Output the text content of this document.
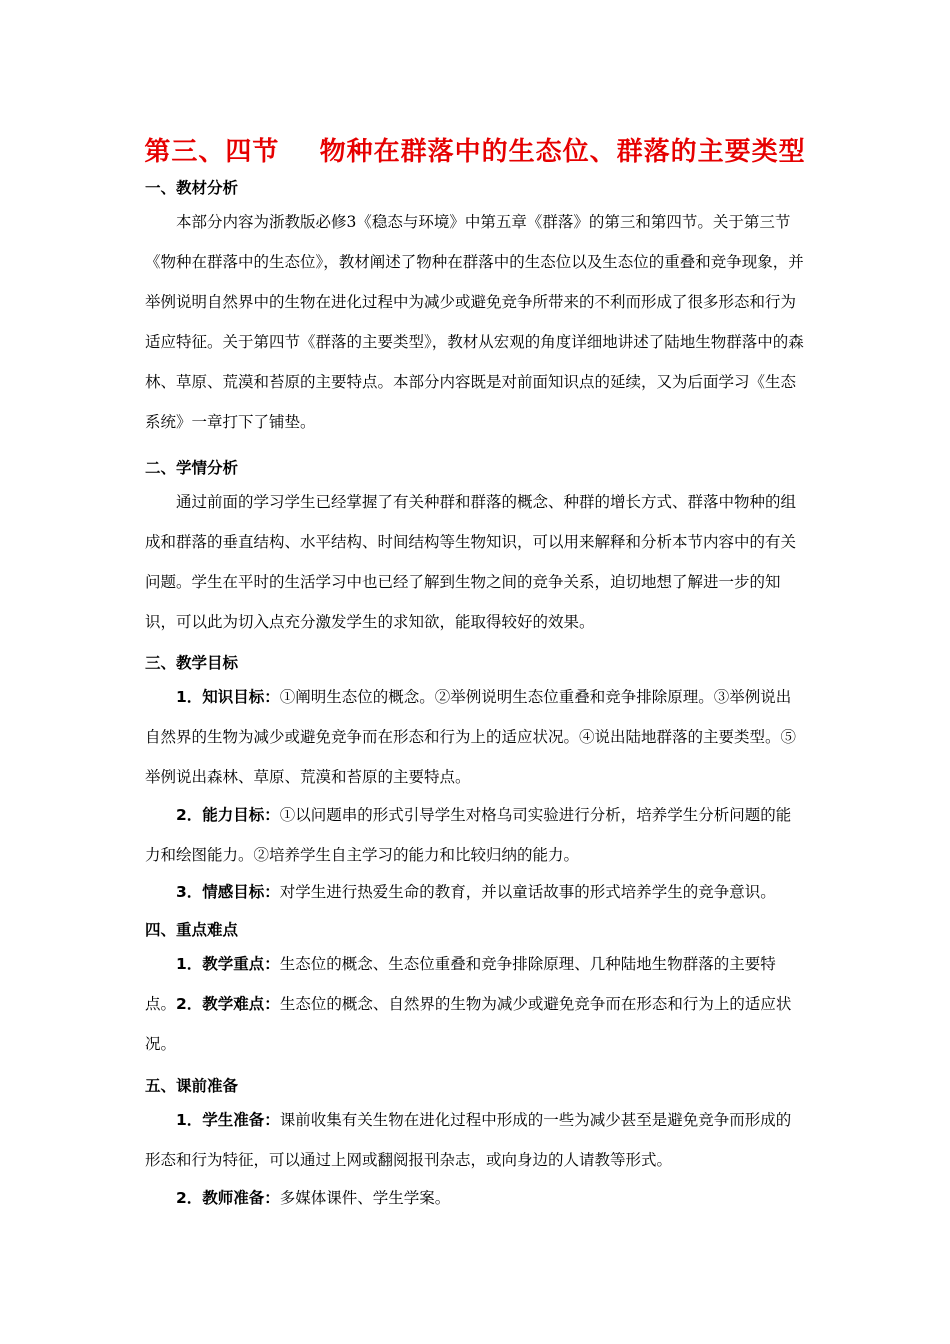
第三、四节    物种在群落中的生态位、群落的主要类型
一、教材分析
本部分内容为浙教版必修3《稳态与环境》中第五章《群落》的第三和第四节。关于第三节《物种在群落中的生态位》，教材阐述了物种在群落中的生态位以及生态位的重叠和竞争现象，并举例说明自然界中的生物在进化过程中为减少或避免竞争所带来的不利而形成了很多形态和行为适应特征。关于第四节《群落的主要类型》，教材从宏观的角度详细地讲述了陆地生物群落中的森林、草原、荒漠和苔原的主要特点。本部分内容既是对前面知识点的延续，又为后面学习《生态系统》一章打下了铺垫。
二、学情分析
通过前面的学习学生已经掌握了有关种群和群落的概念、种群的增长方式、群落中物种的组成和群落的垂直结构、水平结构、时间结构等生物知识，可以用来解释和分析本节内容中的有关问题。学生在平时的生活学习中也已经了解到生物之间的竞争关系，迫切地想了解进一步的知识，可以此为切入点充分激发学生的求知欲，能取得较好的效果。
三、教学目标
1．知识目标：①阐明生态位的概念。②举例说明生态位重叠和竞争排除原理。③举例说出自然界的生物为减少或避免竞争而在形态和行为上的适应状况。④说出陆地群落的主要类型。⑤举例说出森林、草原、荒漠和苔原的主要特点。
2．能力目标：①以问题串的形式引导学生对格乌司实验进行分析，培养学生分析问题的能力和绘图能力。②培养学生自主学习的能力和比较归纳的能力。
3．情感目标：对学生进行热爱生命的教育，并以童话故事的形式培养学生的竞争意识。
四、重点难点
1．教学重点：生态位的概念、生态位重叠和竞争排除原理、几种陆地生物群落的主要特点。2．教学难点：生态位的概念、自然界的生物为减少或避免竞争而在形态和行为上的适应状况。
五、课前准备
1．学生准备：课前收集有关生物在进化过程中形成的一些为减少甚至是避免竞争而形成的形态和行为特征，可以通过上网或翻阅报刊杂志，或向身边的人请教等形式。
2．教师准备：多媒体课件、学生学案。
